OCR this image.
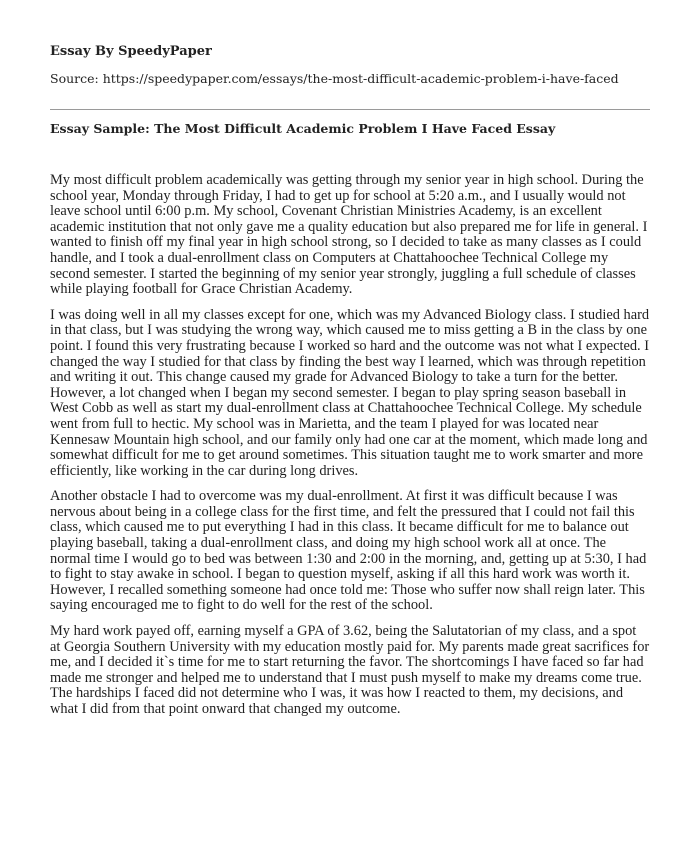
Essay By SpeedyPaper

Source: https://speedypaper.com/essays/the-most-difficult-academic-problem-i-have-faced

Essay Sample: The Most Difficult Academic Problem I Have Faced Essay

My most difficult problem academically was getting through my senior year in high school. During the school year, Monday through Friday, I had to get up for school at 5:20 a.m., and I usually would not leave school until 6:00 p.m. My school, Covenant Christian Ministries Academy, is an excellent academic institution that not only gave me a quality education but also prepared me for life in general. I wanted to finish off my final year in high school strong, so I decided to take as many classes as I could handle, and I took a dual-enrollment class on Computers at Chattahoochee Technical College my second semester. I started the beginning of my senior year strongly, juggling a full schedule of classes while playing football for Grace Christian Academy.

I was doing well in all my classes except for one, which was my Advanced Biology class. I studied hard in that class, but I was studying the wrong way, which caused me to miss getting a B in the class by one point. I found this very frustrating because I worked so hard and the outcome was not what I expected. I changed the way I studied for that class by finding the best way I learned, which was through repetition and writing it out. This change caused my grade for Advanced Biology to take a turn for the better. However, a lot changed when I began my second semester. I began to play spring season baseball in West Cobb as well as start my dual-enrollment class at Chattahoochee Technical College. My schedule went from full to hectic. My school was in Marietta, and the team I played for was located near Kennesaw Mountain high school, and our family only had one car at the moment, which made long and somewhat difficult for me to get around sometimes. This situation taught me to work smarter and more efficiently, like working in the car during long drives.

Another obstacle I had to overcome was my dual-enrollment. At first it was difficult because I was nervous about being in a college class for the first time, and felt the pressured that I could not fail this class, which caused me to put everything I had in this class. It became difficult for me to balance out playing baseball, taking a dual-enrollment class, and doing my high school work all at once. The normal time I would go to bed was between 1:30 and 2:00 in the morning, and, getting up at 5:30, I had to fight to stay awake in school. I began to question myself, asking if all this hard work was worth it. However, I recalled something someone had once told me: Those who suffer now shall reign later. This saying encouraged me to fight to do well for the rest of the school.

My hard work payed off, earning myself a GPA of 3.62, being the Salutatorian of my class, and a spot at Georgia Southern University with my education mostly paid for. My parents made great sacrifices for me, and I decided it`s time for me to start returning the favor. The shortcomings I have faced so far had made me stronger and helped me to understand that I must push myself to make my dreams come true. The hardships I faced did not determine who I was, it was how I reacted to them, my decisions, and what I did from that point onward that changed my outcome.
